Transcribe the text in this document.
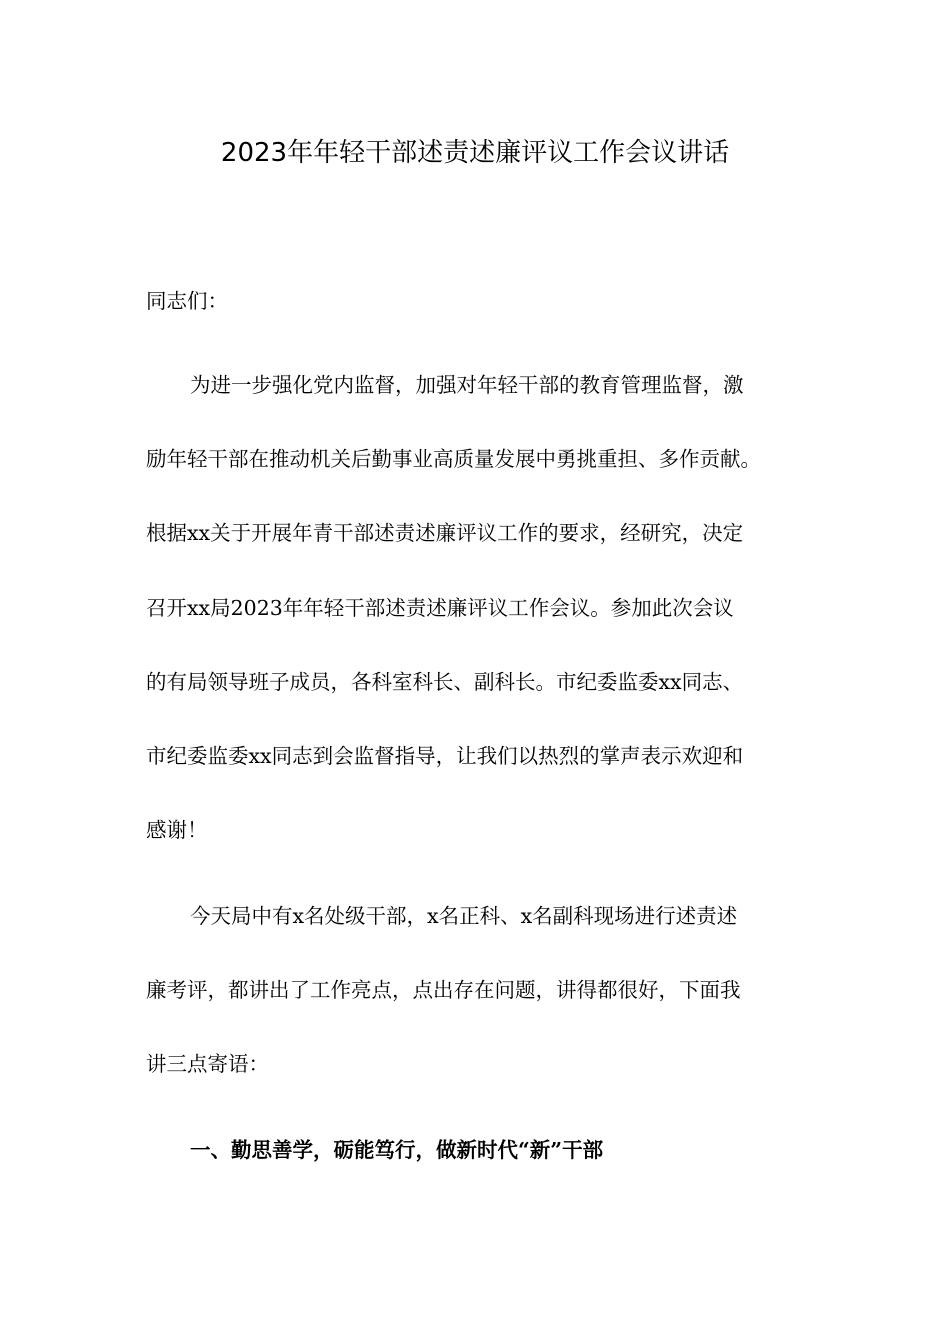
2023年年轻干部述责述廉评议工作会议讲话

同志们：

为进一步强化党内监督，加强对年轻干部的教育管理监督，激

励年轻干部在推动机关后勤事业高质量发展中勇挑重担、多作贡献。

根据xx关于开展年青干部述责述廉评议工作的要求，经研究，决定

召开xx局2023年年轻干部述责述廉评议工作会议。参加此次会议

的有局领导班子成员，各科室科长、副科长。市纪委监委xx同志、

市纪委监委xx同志到会监督指导，让我们以热烈的掌声表示欢迎和

感谢！

今天局中有x名处级干部，x名正科、x名副科现场进行述责述

廉考评，都讲出了工作亮点，点出存在问题，讲得都很好，下面我

讲三点寄语：

一、勤思善学，砺能笃行，做新时代“新”干部
